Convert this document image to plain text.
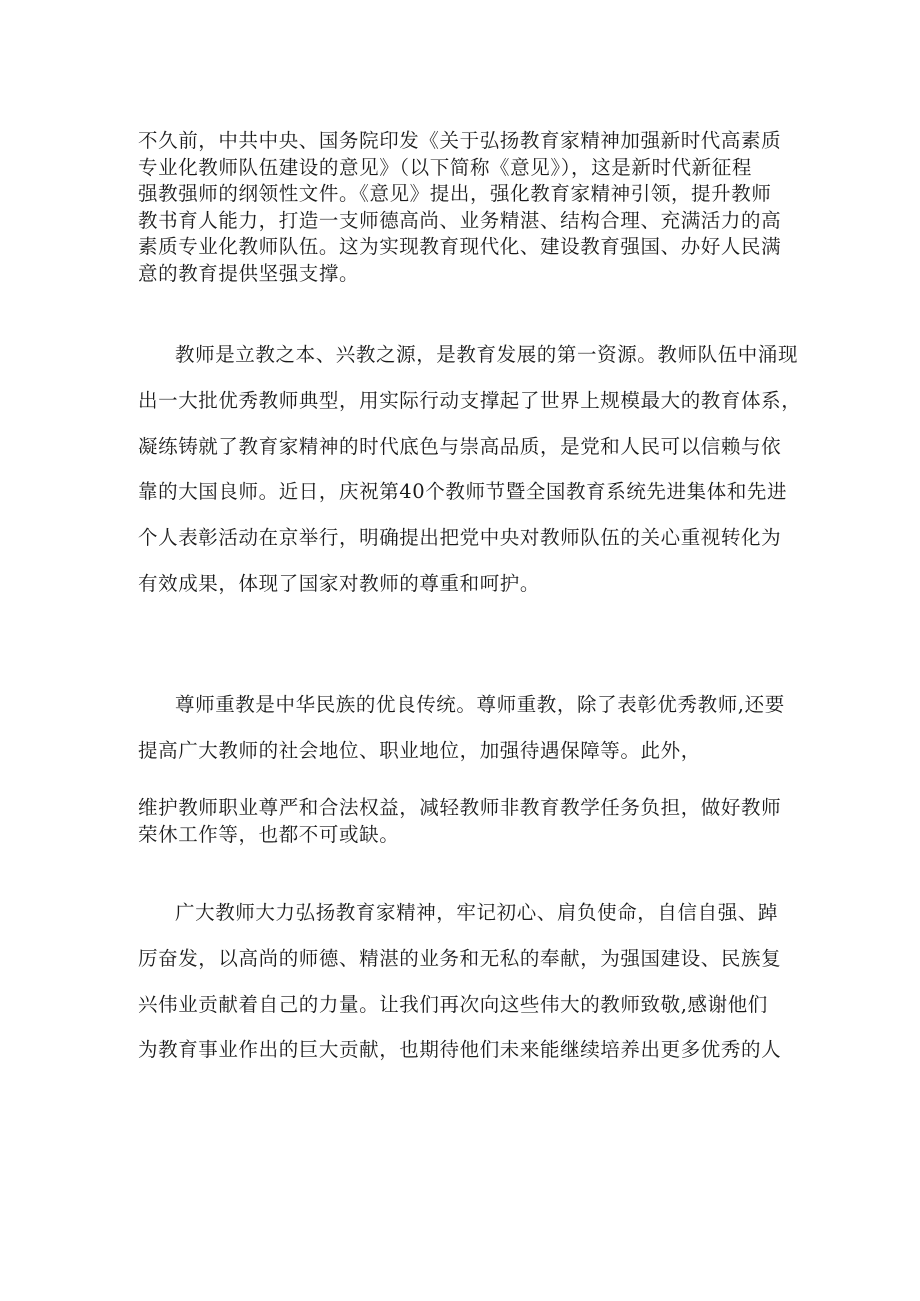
不久前，中共中央、国务院印发《关于弘扬教育家精神加强新时代高素质
专业化教师队伍建设的意见》（以下简称《意见》），这是新时代新征程
强教强师的纲领性文件。《意见》提出，强化教育家精神引领，提升教师
教书育人能力，打造一支师德高尚、业务精湛、结构合理、充满活力的高
素质专业化教师队伍。这为实现教育现代化、建设教育强国、办好人民满
意的教育提供坚强支撑。

教师是立教之本、兴教之源，是教育发展的第一资源。教师队伍中涌现
出一大批优秀教师典型，用实际行动支撑起了世界上规模最大的教育体系，
凝练铸就了教育家精神的时代底色与崇高品质，是党和人民可以信赖与依
靠的大国良师。近日，庆祝第40个教师节暨全国教育系统先进集体和先进
个人表彰活动在京举行，明确提出把党中央对教师队伍的关心重视转化为
有效成果，体现了国家对教师的尊重和呵护。

尊师重教是中华民族的优良传统。尊师重教，除了表彰优秀教师,还要
提高广大教师的社会地位、职业地位，加强待遇保障等。此外，

维护教师职业尊严和合法权益，减轻教师非教育教学任务负担，做好教师
荣休工作等，也都不可或缺。

广大教师大力弘扬教育家精神，牢记初心、肩负使命，自信自强、踔
厉奋发，以高尚的师德、精湛的业务和无私的奉献，为强国建设、民族复
兴伟业贡献着自己的力量。让我们再次向这些伟大的教师致敬,感谢他们
为教育事业作出的巨大贡献，也期待他们未来能继续培养出更多优秀的人
